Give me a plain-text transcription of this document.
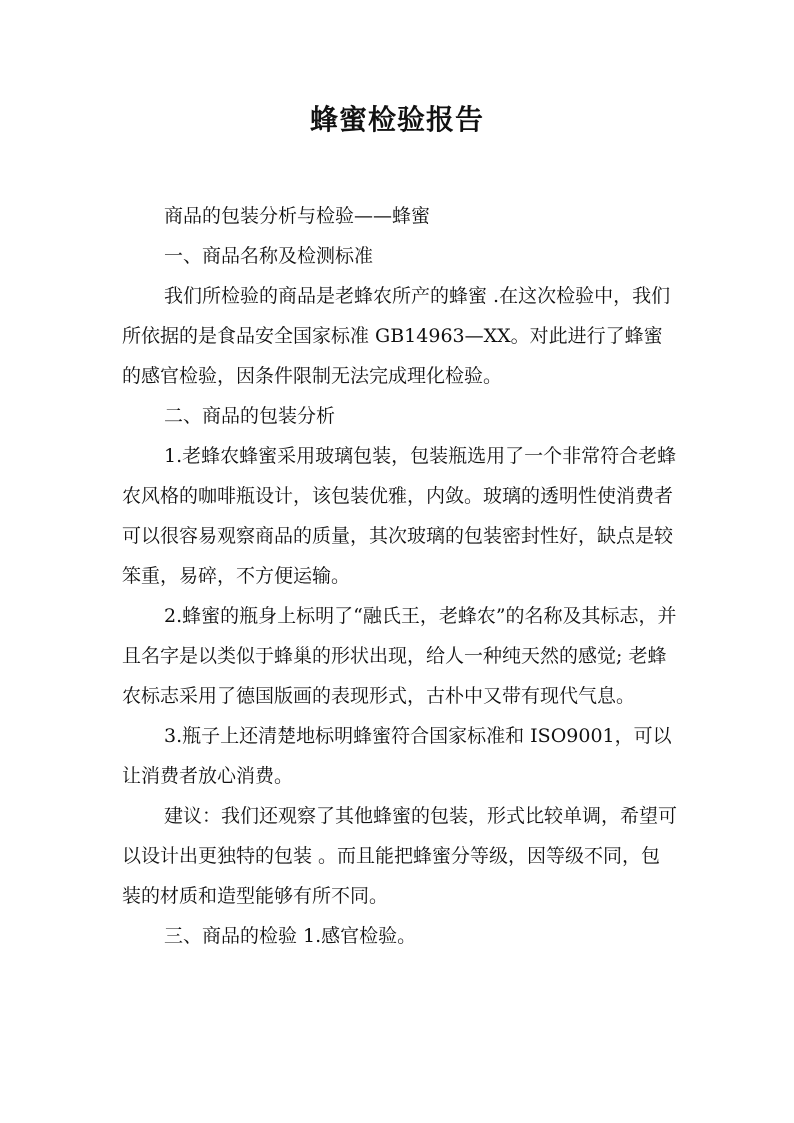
蜂蜜检验报告

商品的包装分析与检验——蜂蜜

一、商品名称及检测标准

我们所检验的商品是老蜂农所产的蜂蜜 .在这次检验中，我们所依据的是食品安全国家标准 GB14963—XX。对此进行了蜂蜜的感官检验，因条件限制无法完成理化检验。

二、商品的包装分析

1.老蜂农蜂蜜采用玻璃包装，包装瓶选用了一个非常符合老蜂农风格的咖啡瓶设计，该包装优雅，内敛。玻璃的透明性使消费者可以很容易观察商品的质量，其次玻璃的包装密封性好，缺点是较笨重，易碎，不方便运输。

2.蜂蜜的瓶身上标明了“融氏王，老蜂农”的名称及其标志，并且名字是以类似于蜂巢的形状出现，给人一种纯天然的感觉; 老蜂农标志采用了德国版画的表现形式，古朴中又带有现代气息。

3.瓶子上还清楚地标明蜂蜜符合国家标准和 ISO9001，可以让消费者放心消费。

建议：我们还观察了其他蜂蜜的包装，形式比较单调，希望可以设计出更独特的包装 。而且能把蜂蜜分等级，因等级不同，包装的材质和造型能够有所不同。

三、商品的检验 1.感官检验。
